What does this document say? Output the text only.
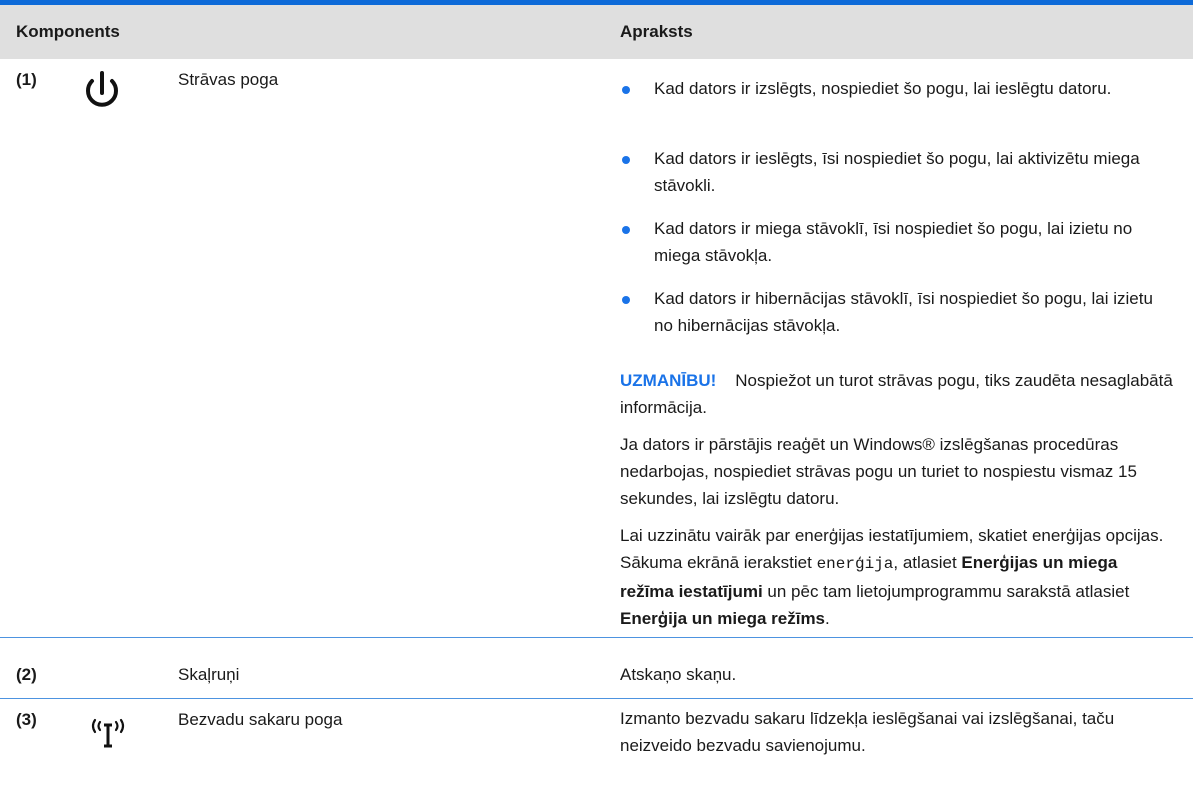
Komponents	Apraksts
(1)	Strāvas poga	Kad dators ir izslēgts, nospiediet šo pogu, lai ieslēgtu datoru.
Kad dators ir ieslēgts, īsi nospiediet šo pogu, lai aktivizētu miega stāvokli.
Kad dators ir miega stāvoklī, īsi nospiediet šo pogu, lai izietu no miega stāvokļa.
Kad dators ir hibernācijas stāvoklī, īsi nospiediet šo pogu, lai izietu no hibernācijas stāvokļa.
UZMANĪBU! Nospiežot un turot strāvas pogu, tiks zaudēta nesaglabātā informācija.
Ja dators ir pārstājis reaģēt un Windows® izslēgšanas procedūras nedarbojas, nospiediet strāvas pogu un turiet to nospiestu vismaz 15 sekundes, lai izslēgtu datoru.
Lai uzzinātu vairāk par enerģijas iestatījumiem, skatiet enerģijas opcijas. Sākuma ekrānā ierakstiet enerģija, atlasiet Enerģijas un miega režīma iestatījumi un pēc tam lietojumprogrammu sarakstā atlasiet Enerģija un miega režīms.
(2)	Skaļruņi	Atskaņo skaņu.
(3)	Bezvadu sakaru poga	Izmanto bezvadu sakaru līdzekļa ieslēgšanai vai izslēgšanai, taču neizveido bezvadu savienojumu.
